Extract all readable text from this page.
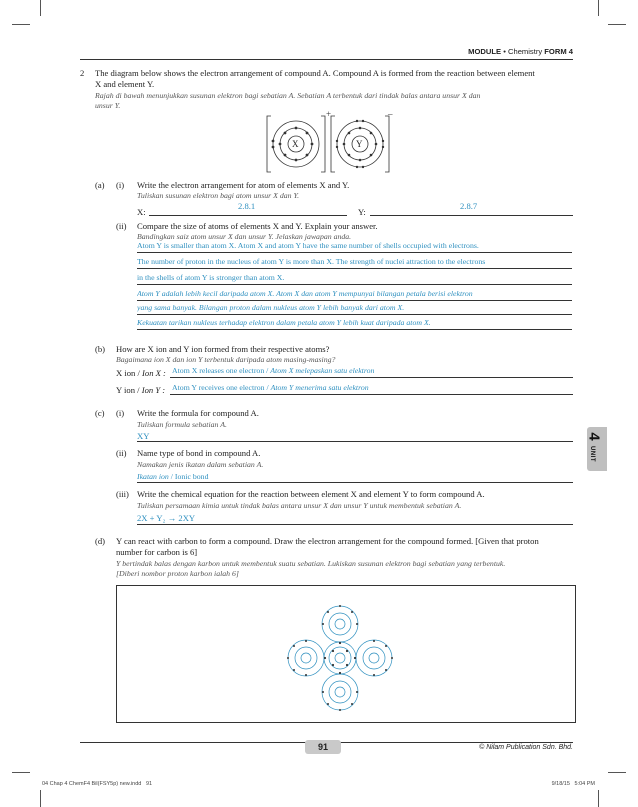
MODULE • Chemistry FORM 4
2 The diagram below shows the electron arrangement of compound A. Compound A is formed from the reaction between element
X and element Y.
Rajah di bawah menunjukkan susunan elektron bagi sebatian A. Sebatian A terbentuk dari tindak balas antara unsur X dan
unsur Y.
+	–
X	Y
(a) (i) Write the electron arrangement for atom of elements X and Y.
Tuliskan susunan elektron bagi atom unsur X dan Y.
X:
2.8.1
Y:
2.8.7
(ii) Compare the size of atoms of elements X and Y. Explain your answer.
Bandingkan saiz atom unsur X dan unsur Y. Jelaskan jawapan anda.
Atom Y is smaller than atom X. Atom X and atom Y have the same number of shells occupied with electrons.
The number of proton in the nucleus of atom Y is more than X. The strength of nuclei attraction to the electrons
in the shells of atom Y is stronger than atom X.
Atom Y adalah lebih kecil daripada atom X. Atom X dan atom Y mempunyai bilangan petala berisi elektron
yang sama banyak. Bilangan proton dalam nukleus atom Y lebih banyak dari atom X.
Kekuatan tarikan nukleus terhadap elektron dalam petala atom Y lebih kuat daripada atom X.
(b) How are X ion and Y ion formed from their respective atoms?
Bagaimana ion X dan ion Y terbentuk daripada atom masing-masing?
X ion / Ion X : Atom X releases one electron / Atom X melepaskan satu elektron
Y ion / Ion Y : Atom Y receives one electron / Atom Y menerima satu elektron
(c) (i) Write the formula for compound A.
Tuliskan formula sebatian A.
XY
(ii) Name type of bond in compound A.
Namakan jenis ikatan dalam sebatian A.
Ikatan ion / Ionic bond
(iii) Write the chemical equation for the reaction between element X and element Y to form compound A.
Tuliskan persamaan kimia untuk tindak balas antara unsur X dan unsur Y untuk membentuk sebatian A.
2X + Y₂ → 2XY
(d) Y can react with carbon to form a compound. Draw the electron arrangement for the compound formed. [Given that proton
number for carbon is 6]
Y bertindak balas dengan karbon untuk membentuk suatu sebatian. Lukiskan susunan elektron bagi sebatian yang terbentuk.
[Diberi nombor proton karbon ialah 6]
4
UNIT
91	© Nilam Publication Sdn. Bhd.
04 Chap 4 ChemF4 Bil(FSY5p) new.indd   91	9/18/15   5:04 PM
